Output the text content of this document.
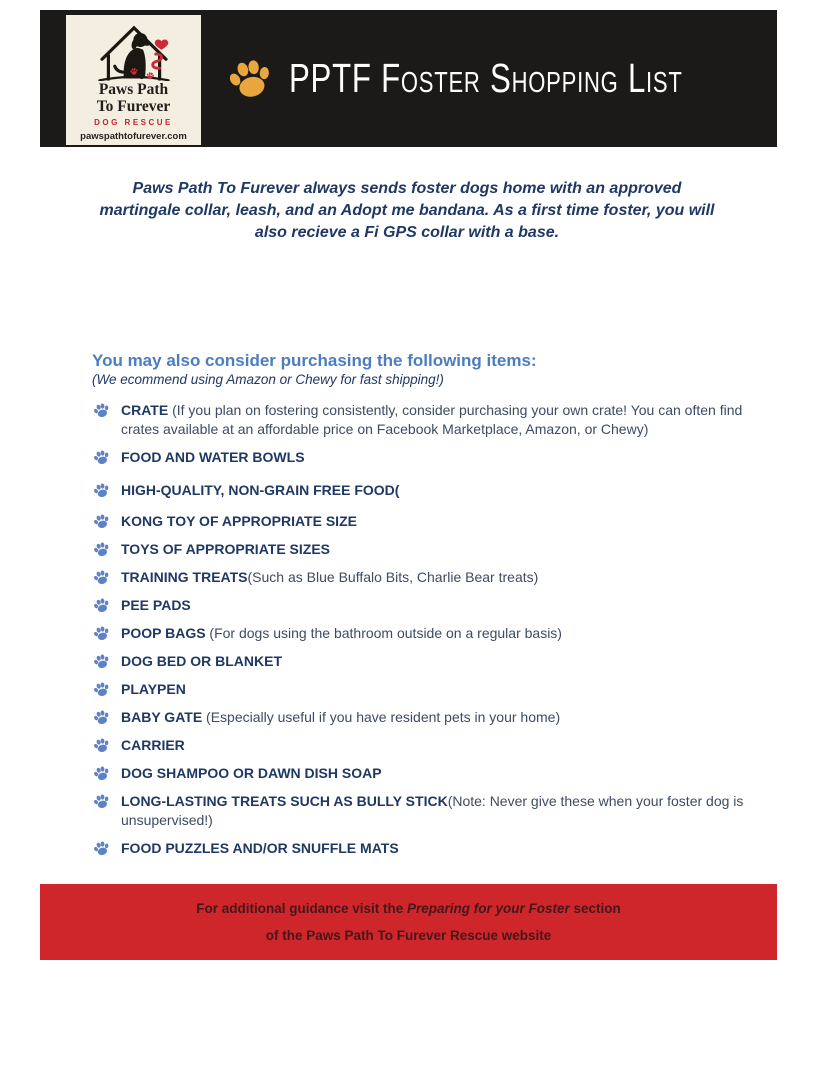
Paws Path
To Furever
DOG RESCUE
pawspathtofurever.com
PPTF Foster Shopping List

Paws Path To Furever always sends foster dogs home with an approved martingale collar, leash, and an Adopt me bandana. As a first time foster, you will also recieve a Fi GPS collar with a base.

You may also consider purchasing the following items:
(We ecommend using Amazon or Chewy for fast shipping!)
CRATE (If you plan on fostering consistently, consider purchasing your own crate! You can often find crates available at an affordable price on Facebook Marketplace, Amazon, or Chewy)
FOOD AND WATER BOWLS
HIGH-QUALITY, NON-GRAIN FREE FOOD(
KONG TOY OF APPROPRIATE SIZE
TOYS OF APPROPRIATE SIZES
TRAINING TREATS(Such as Blue Buffalo Bits, Charlie Bear treats)
PEE PADS
POOP BAGS (For dogs using the bathroom outside on a regular basis)
DOG BED OR BLANKET
PLAYPEN
BABY GATE (Especially useful if you have resident pets in your home)
CARRIER
DOG SHAMPOO OR DAWN DISH SOAP
LONG-LASTING TREATS SUCH AS BULLY STICK(Note: Never give these when your foster dog is unsupervised!)
FOOD PUZZLES AND/OR SNUFFLE MATS
For additional guidance visit the Preparing for your Foster section
of the Paws Path To Furever Rescue website
